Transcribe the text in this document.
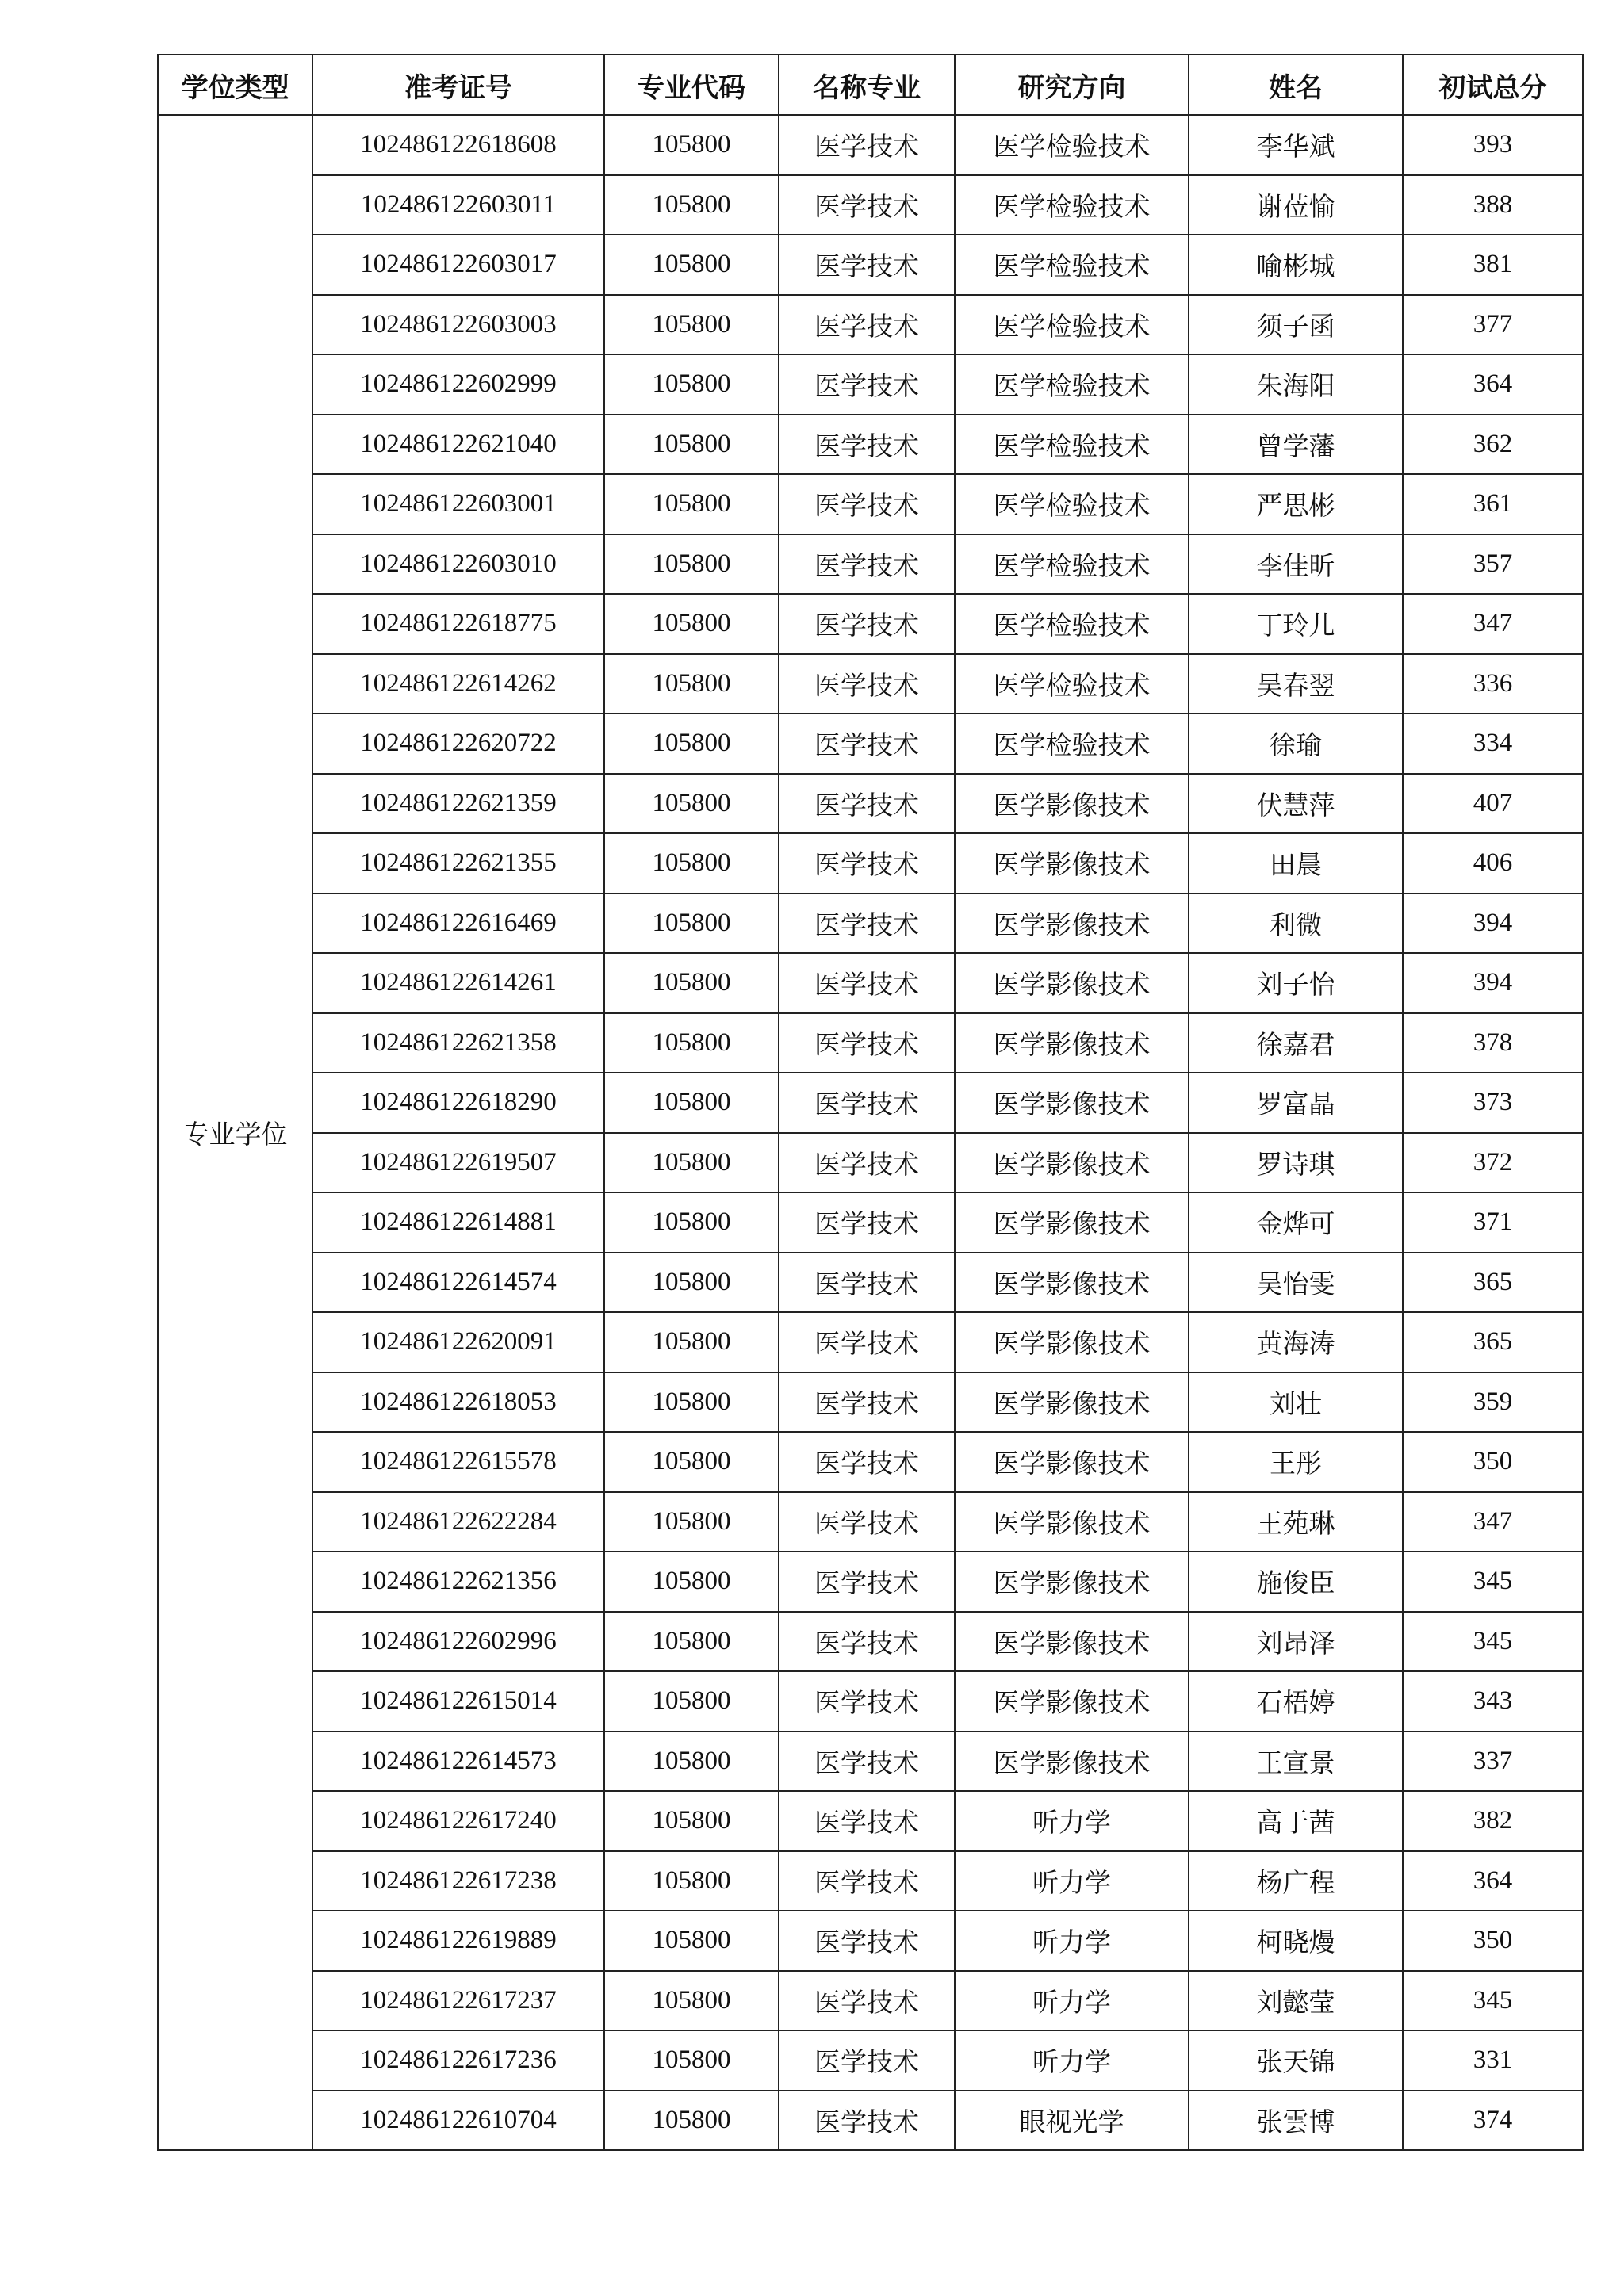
学位类型	准考证号	专业代码	名称专业	研究方向	姓名	初试总分
专业学位	102486122618608	105800	医学技术	医学检验技术	李华斌	393
	102486122603011	105800	医学技术	医学检验技术	谢莅愉	388
	102486122603017	105800	医学技术	医学检验技术	喻彬城	381
	102486122603003	105800	医学技术	医学检验技术	须子函	377
	102486122602999	105800	医学技术	医学检验技术	朱海阳	364
	102486122621040	105800	医学技术	医学检验技术	曾学藩	362
	102486122603001	105800	医学技术	医学检验技术	严思彬	361
	102486122603010	105800	医学技术	医学检验技术	李佳昕	357
	102486122618775	105800	医学技术	医学检验技术	丁玲儿	347
	102486122614262	105800	医学技术	医学检验技术	吴春翌	336
	102486122620722	105800	医学技术	医学检验技术	徐瑜	334
	102486122621359	105800	医学技术	医学影像技术	伏慧萍	407
	102486122621355	105800	医学技术	医学影像技术	田晨	406
	102486122616469	105800	医学技术	医学影像技术	利微	394
	102486122614261	105800	医学技术	医学影像技术	刘子怡	394
	102486122621358	105800	医学技术	医学影像技术	徐嘉君	378
	102486122618290	105800	医学技术	医学影像技术	罗富晶	373
	102486122619507	105800	医学技术	医学影像技术	罗诗琪	372
	102486122614881	105800	医学技术	医学影像技术	金烨可	371
	102486122614574	105800	医学技术	医学影像技术	吴怡雯	365
	102486122620091	105800	医学技术	医学影像技术	黄海涛	365
	102486122618053	105800	医学技术	医学影像技术	刘壮	359
	102486122615578	105800	医学技术	医学影像技术	王彤	350
	102486122622284	105800	医学技术	医学影像技术	王苑琳	347
	102486122621356	105800	医学技术	医学影像技术	施俊臣	345
	102486122602996	105800	医学技术	医学影像技术	刘昂泽	345
	102486122615014	105800	医学技术	医学影像技术	石梧婷	343
	102486122614573	105800	医学技术	医学影像技术	王宣景	337
	102486122617240	105800	医学技术	听力学	高于茜	382
	102486122617238	105800	医学技术	听力学	杨广程	364
	102486122619889	105800	医学技术	听力学	柯晓熳	350
	102486122617237	105800	医学技术	听力学	刘懿莹	345
	102486122617236	105800	医学技术	听力学	张天锦	331
	102486122610704	105800	医学技术	眼视光学	张雲博	374
